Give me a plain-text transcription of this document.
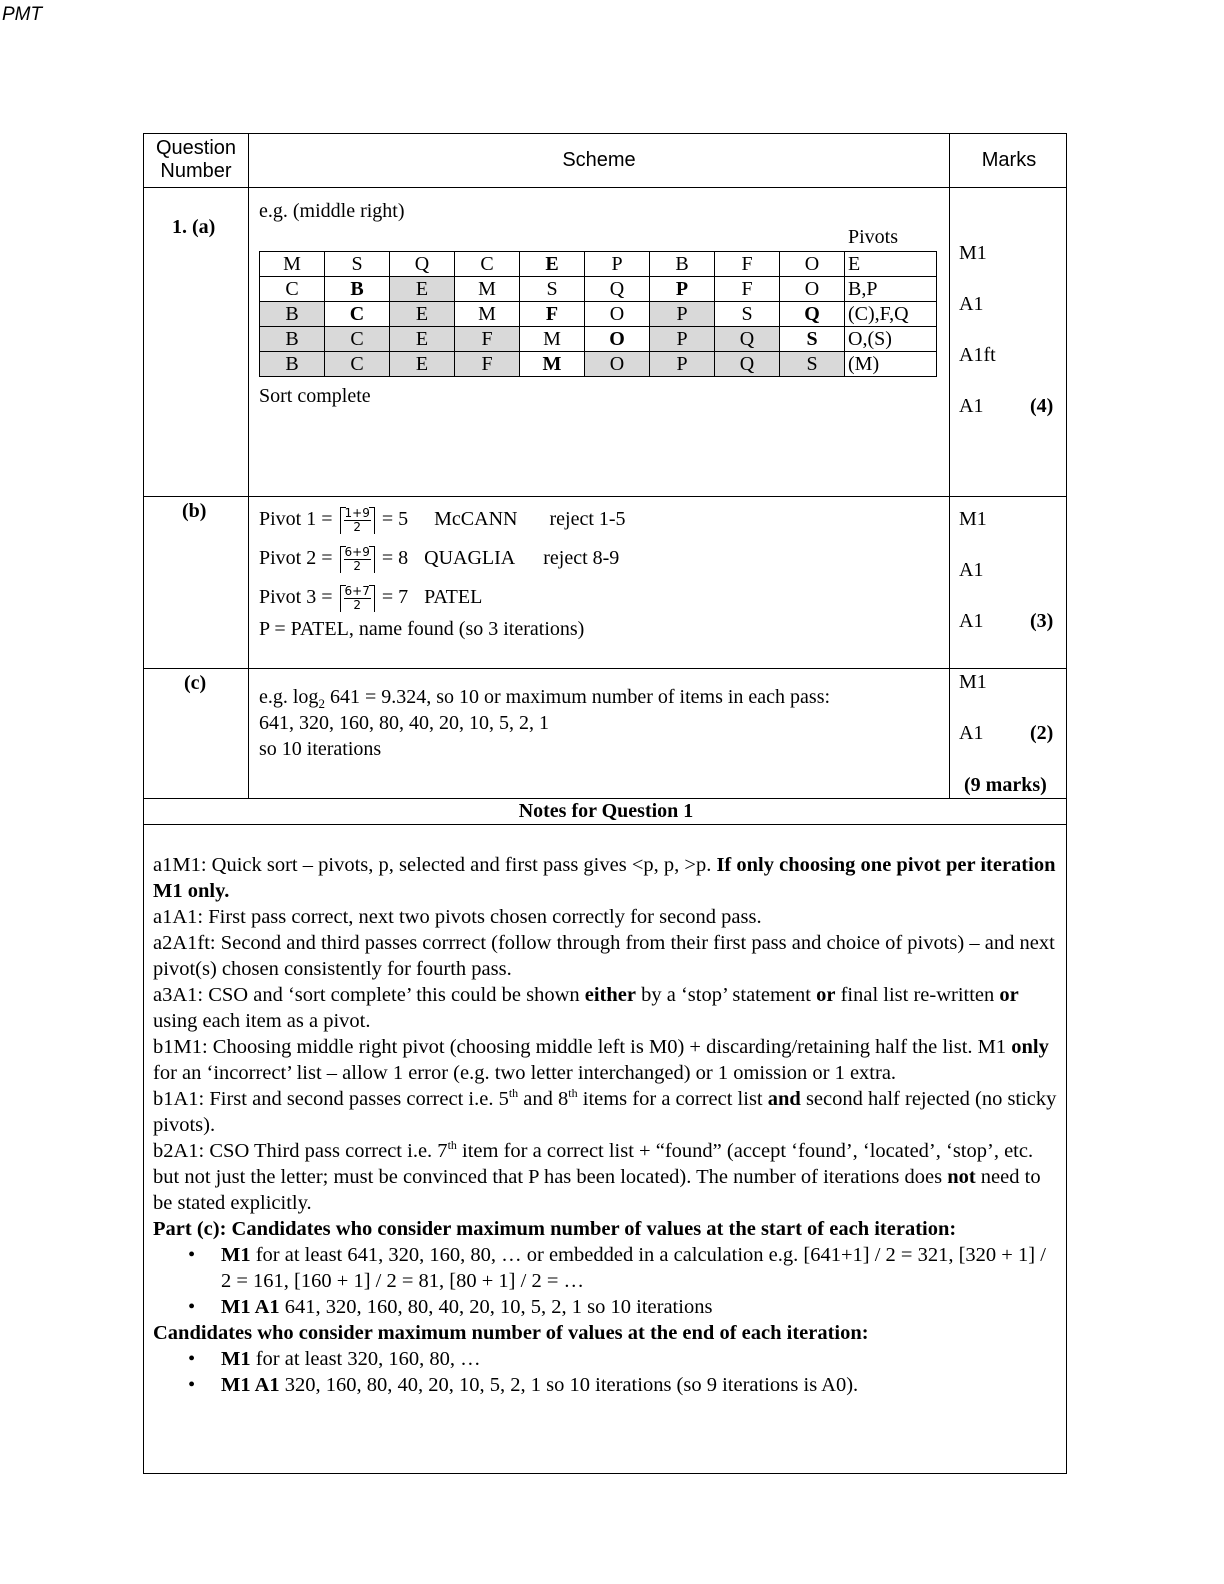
PMT
Question Number	Scheme	Marks
1. (a)
e.g. (middle right)
Pivots
M	S	Q	C	E	P	B	F	O	E
C	B	E	M	S	Q	P	F	O	B,P
B	C	E	M	F	O	P	S	Q	(C),F,Q
B	C	E	F	M	O	P	Q	S	O,(S)
B	C	E	F	M	O	P	Q	S	(M)
Sort complete
M1
A1
A1ft
A1 (4)
(b)	Pivot $1 = \frac{1+9}{2} = 5$ McCANN reject 1-5
Pivot $2 = \frac{6+9}{2} = 8$ QUAGLIA reject 8-9
Pivot $3 = \frac{6+7}{2} = 7$ PATEL
P = PATEL, name found (so 3 iterations)
M1
A1
A1 (3)
(c)
e.g. $\log_2 641 = 9.324$, so 10 or maximum number of items in each pass:
641, 320, 160, 80, 40, 20, 10, 5, 2, 1
so 10 iterations
M1
A1 (2)
(9 marks)
Notes for Question 1

a1M1: Quick sort – pivots, p, selected and first pass gives <p, p, >p. If only choosing one pivot per iteration M1 only.

a1A1: First pass correct, next two pivots chosen correctly for second pass.

a2A1ft: Second and third passes corrrect (follow through from their first pass and choice of pivots) – and next pivot(s) chosen consistently for fourth pass.

a3A1: CSO and ‘sort complete’ this could be shown either by a ‘stop’ statement or final list re-written or using each item as a pivot.

b1M1: Choosing middle right pivot (choosing middle left is M0) + discarding/retaining half the list. M1 only for an ‘incorrect’ list – allow 1 error (e.g. two letter interchanged) or 1 omission or 1 extra.

b1A1: First and second passes correct i.e. 5th and 8th items for a correct list and second half rejected (no sticky pivots).

b2A1: CSO Third pass correct i.e. 7th item for a correct list + “found” (accept ‘found’, ‘located’, ‘stop’, etc. but not just the letter; must be convinced that P has been located). The number of iterations does not need to be stated explicitly.

Part (c): Candidates who consider maximum number of values at the start of each iteration:

• M1 for at least 641, 320, 160, 80, … or embedded in a calculation e.g. [641+1] / 2 = 321, [320 + 1] / 2 = 161, [160 + 1] / 2 = 81, [80 + 1] / 2 = …
• M1 A1 641, 320, 160, 80, 40, 20, 10, 5, 2, 1 so 10 iterations

Candidates who consider maximum number of values at the end of each iteration:

• M1 for at least 320, 160, 80, …
• M1 A1 320, 160, 80, 40, 20, 10, 5, 2, 1 so 10 iterations (so 9 iterations is A0).
